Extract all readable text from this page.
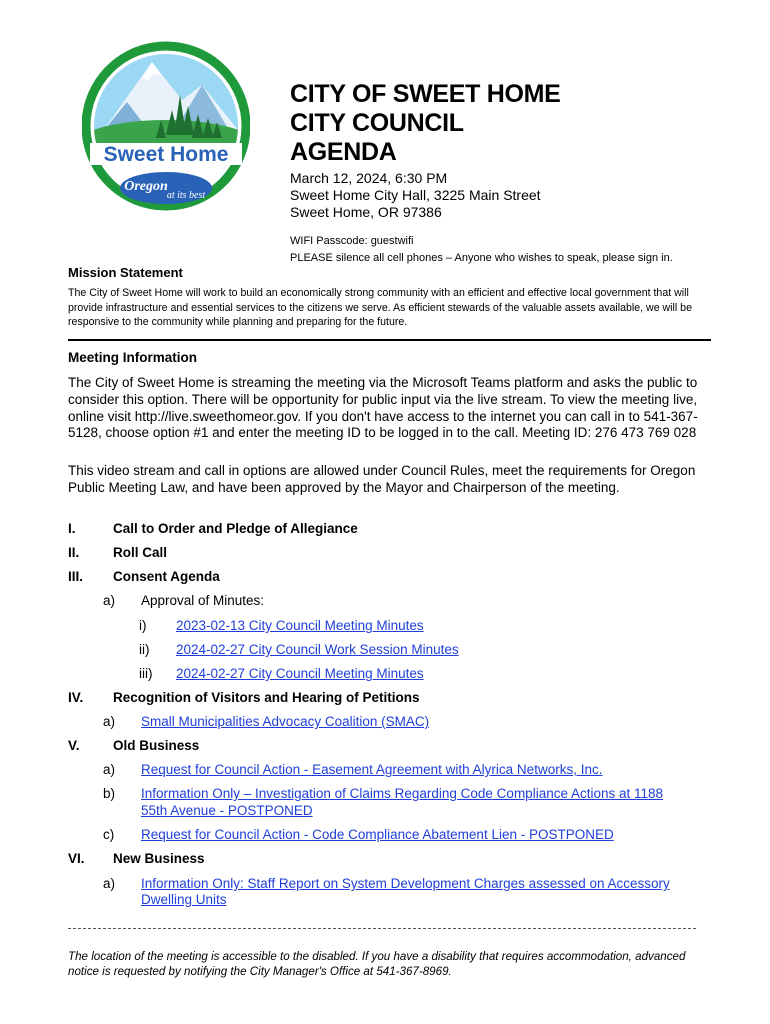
Sweet Home
Oregon
at its best
CITY OF SWEET HOME
CITY COUNCIL
AGENDA
March 12, 2024, 6:30 PM
Sweet Home City Hall, 3225 Main Street
Sweet Home, OR 97386
WIFI Passcode: guestwifi
PLEASE silence all cell phones – Anyone who wishes to speak, please sign in.
Mission Statement
The City of Sweet Home will work to build an economically strong community with an efficient and effective local government that will provide infrastructure and essential services to the citizens we serve. As efficient stewards of the valuable assets available, we will be responsive to the community while planning and preparing for the future.
Meeting Information
The City of Sweet Home is streaming the meeting via the Microsoft Teams platform and asks the public to consider this option. There will be opportunity for public input via the live stream. To view the meeting live, online visit http://live.sweethomeor.gov. If you don't have access to the internet you can call in to 541-367-5128, choose option #1 and enter the meeting ID to be logged in to the call. Meeting ID: 276 473 769 028
This video stream and call in options are allowed under Council Rules, meet the requirements for Oregon Public Meeting Law, and have been approved by the Mayor and Chairperson of the meeting.
I.	Call to Order and Pledge of Allegiance
II. Roll Call
III. Consent Agenda
a) Approval of Minutes:
i) 2023-02-13 City Council Meeting Minutes
ii) 2024-02-27 City Council Work Session Minutes
iii) 2024-02-27 City Council Meeting Minutes
IV. Recognition of Visitors and Hearing of Petitions
a) Small Municipalities Advocacy Coalition (SMAC)
V. Old Business
a) Request for Council Action - Easement Agreement with Alyrica Networks, Inc.
b) Information Only – Investigation of Claims Regarding Code Compliance Actions at 1188
55th Avenue - POSTPONED
c) Request for Council Action - Code Compliance Abatement Lien - POSTPONED
VI. New Business
a) Information Only: Staff Report on System Development Charges assessed on Accessory
Dwelling Units
The location of the meeting is accessible to the disabled. If you have a disability that requires accommodation, advanced notice is requested by notifying the City Manager's Office at 541-367-8969.
